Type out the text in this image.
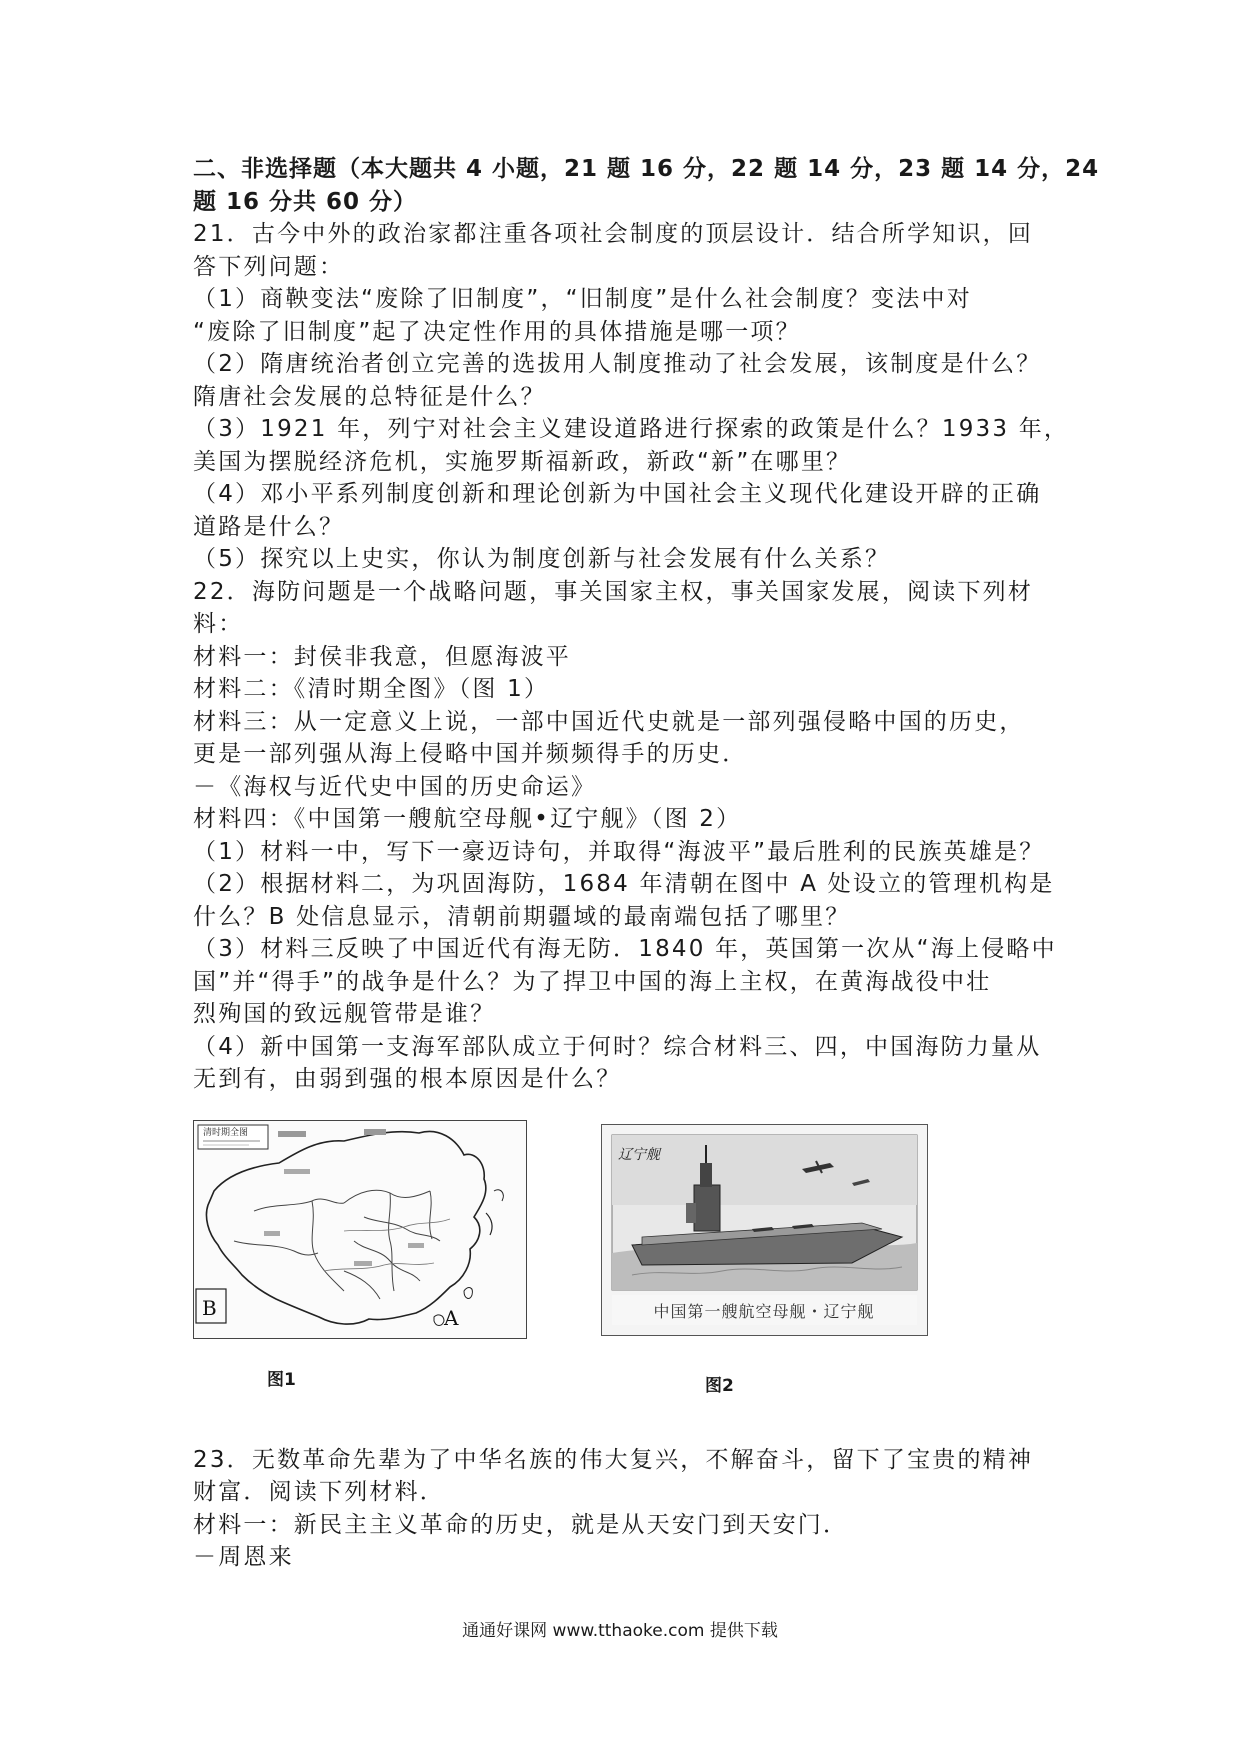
二、非选择题（本大题共 4 小题，21 题 16 分，22 题 14 分，23 题 14 分，24
题 16 分共 60 分）
21．古今中外的政治家都注重各项社会制度的顶层设计．结合所学知识，回
答下列问题：
（1）商鞅变法“废除了旧制度”，“旧制度”是什么社会制度？变法中对
“废除了旧制度”起了决定性作用的具体措施是哪一项？
（2）隋唐统治者创立完善的选拔用人制度推动了社会发展，该制度是什么？
隋唐社会发展的总特征是什么？
（3）1921 年，列宁对社会主义建设道路进行探索的政策是什么？1933 年，
美国为摆脱经济危机，实施罗斯福新政，新政“新”在哪里？
（4）邓小平系列制度创新和理论创新为中国社会主义现代化建设开辟的正确
道路是什么？
（5）探究以上史实，你认为制度创新与社会发展有什么关系？
22．海防问题是一个战略问题，事关国家主权，事关国家发展，阅读下列材
料：
材料一：封侯非我意，但愿海波平
材料二：《清时期全图》（图 1）
材料三：从一定意义上说，一部中国近代史就是一部列强侵略中国的历史，
更是一部列强从海上侵略中国并频频得手的历史．
－《海权与近代史中国的历史命运》
材料四：《中国第一艘航空母舰•辽宁舰》（图 2）
（1）材料一中，写下一豪迈诗句，并取得“海波平”最后胜利的民族英雄是？
（2）根据材料二，为巩固海防，1684 年清朝在图中 A 处设立的管理机构是
什么？B 处信息显示，清朝前期疆域的最南端包括了哪里？
（3）材料三反映了中国近代有海无防．1840 年，英国第一次从“海上侵略中
国”并“得手”的战争是什么？为了捍卫中国的海上主权，在黄海战役中壮
烈殉国的致远舰管带是谁？
（4）新中国第一支海军部队成立于何时？综合材料三、四，中国海防力量从
无到有，由弱到强的根本原因是什么？
清时期全图
A
B
辽宁舰
中国第一艘航空母舰・辽宁舰
图1	图2
23．无数革命先辈为了中华名族的伟大复兴，不解奋斗，留下了宝贵的精神
财富．阅读下列材料．
材料一：新民主主义革命的历史，就是从天安门到天安门．
－周恩来
通通好课网 www.tthaoke.com 提供下载
